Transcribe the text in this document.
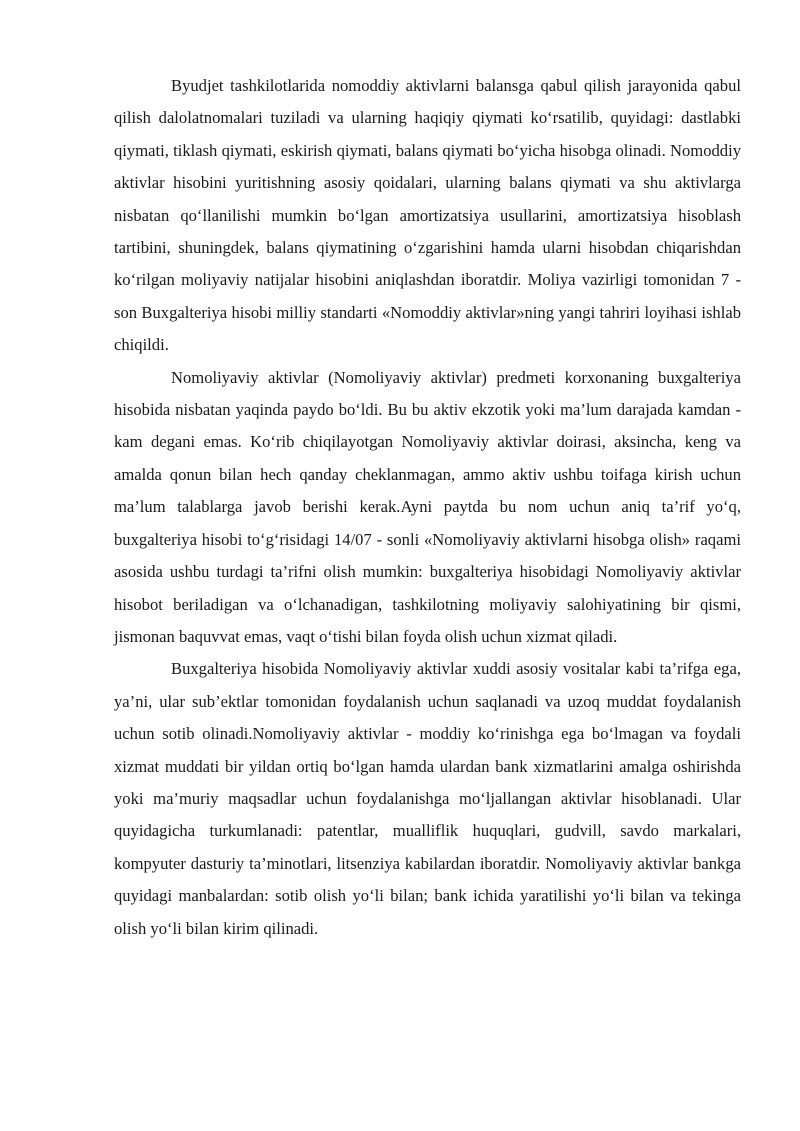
Byudjet tashkilotlarida nomoddiy aktivlarni balansga qabul qilish jarayonida qabul qilish dalolatnomalari tuziladi va ularning haqiqiy qiymati ko‘rsatilib, quyidagi: dastlabki qiymati, tiklash qiymati, eskirish qiymati, balans qiymati bo‘yicha hisobga olinadi. Nomoddiy aktivlar hisobini yuritishning asosiy qoidalari, ularning balans qiymati va shu aktivlarga nisbatan qo‘llanilishi mumkin bo‘lgan amortizatsiya usullarini, amortizatsiya hisoblash tartibini, shuningdek, balans qiymatining o‘zgarishini hamda ularni hisobdan chiqarishdan ko‘rilgan moliyaviy natijalar hisobini aniqlashdan iboratdir. Moliya vazirligi tomonidan 7 - son Buxgalteriya hisobi milliy standarti «Nomoddiy aktivlar»ning yangi tahriri loyihasi ishlab chiqildi.

Nomoliyaviy aktivlar (Nomoliyaviy aktivlar) predmeti korxonaning buxgalteriya hisobida nisbatan yaqinda paydo bo‘ldi. Bu bu aktiv ekzotik yoki ma’lum darajada kamdan - kam degani emas. Ko‘rib chiqilayotgan Nomoliyaviy aktivlar doirasi, aksincha, keng va amalda qonun bilan hech qanday cheklanmagan, ammo aktiv ushbu toifaga kirish uchun ma’lum talablarga javob berishi kerak.Ayni paytda bu nom uchun aniq ta’rif yo‘q, buxgalteriya hisobi to‘g‘risidagi 14/07 - sonli «Nomoliyaviy aktivlarni hisobga olish» raqami asosida ushbu turdagi ta’rifni olish mumkin: buxgalteriya hisobidagi Nomoliyaviy aktivlar hisobot beriladigan va o‘lchanadigan, tashkilotning moliyaviy salohiyatining bir qismi, jismonan baquvvat emas, vaqt o‘tishi bilan foyda olish uchun xizmat qiladi.

Buxgalteriya hisobida Nomoliyaviy aktivlar xuddi asosiy vositalar kabi ta’rifga ega, ya’ni, ular sub’ektlar tomonidan foydalanish uchun saqlanadi va uzoq muddat foydalanish uchun sotib olinadi.Nomoliyaviy aktivlar - moddiy ko‘rinishga ega bo‘lmagan va foydali xizmat muddati bir yildan ortiq bo‘lgan hamda ulardan bank xizmatlarini amalga oshirishda yoki ma’muriy maqsadlar uchun foydalanishga mo‘ljallangan aktivlar hisoblanadi. Ular quyidagicha turkumlanadi: patentlar, mualliflik huquqlari, gudvill, savdo markalari, kompyuter dasturiy ta’minotlari, litsenziya kabilardan iboratdir. Nomoliyaviy aktivlar bankga quyidagi manbalardan: sotib olish yo‘li bilan; bank ichida yaratilishi yo‘li bilan va tekinga olish yo‘li bilan kirim qilinadi.
